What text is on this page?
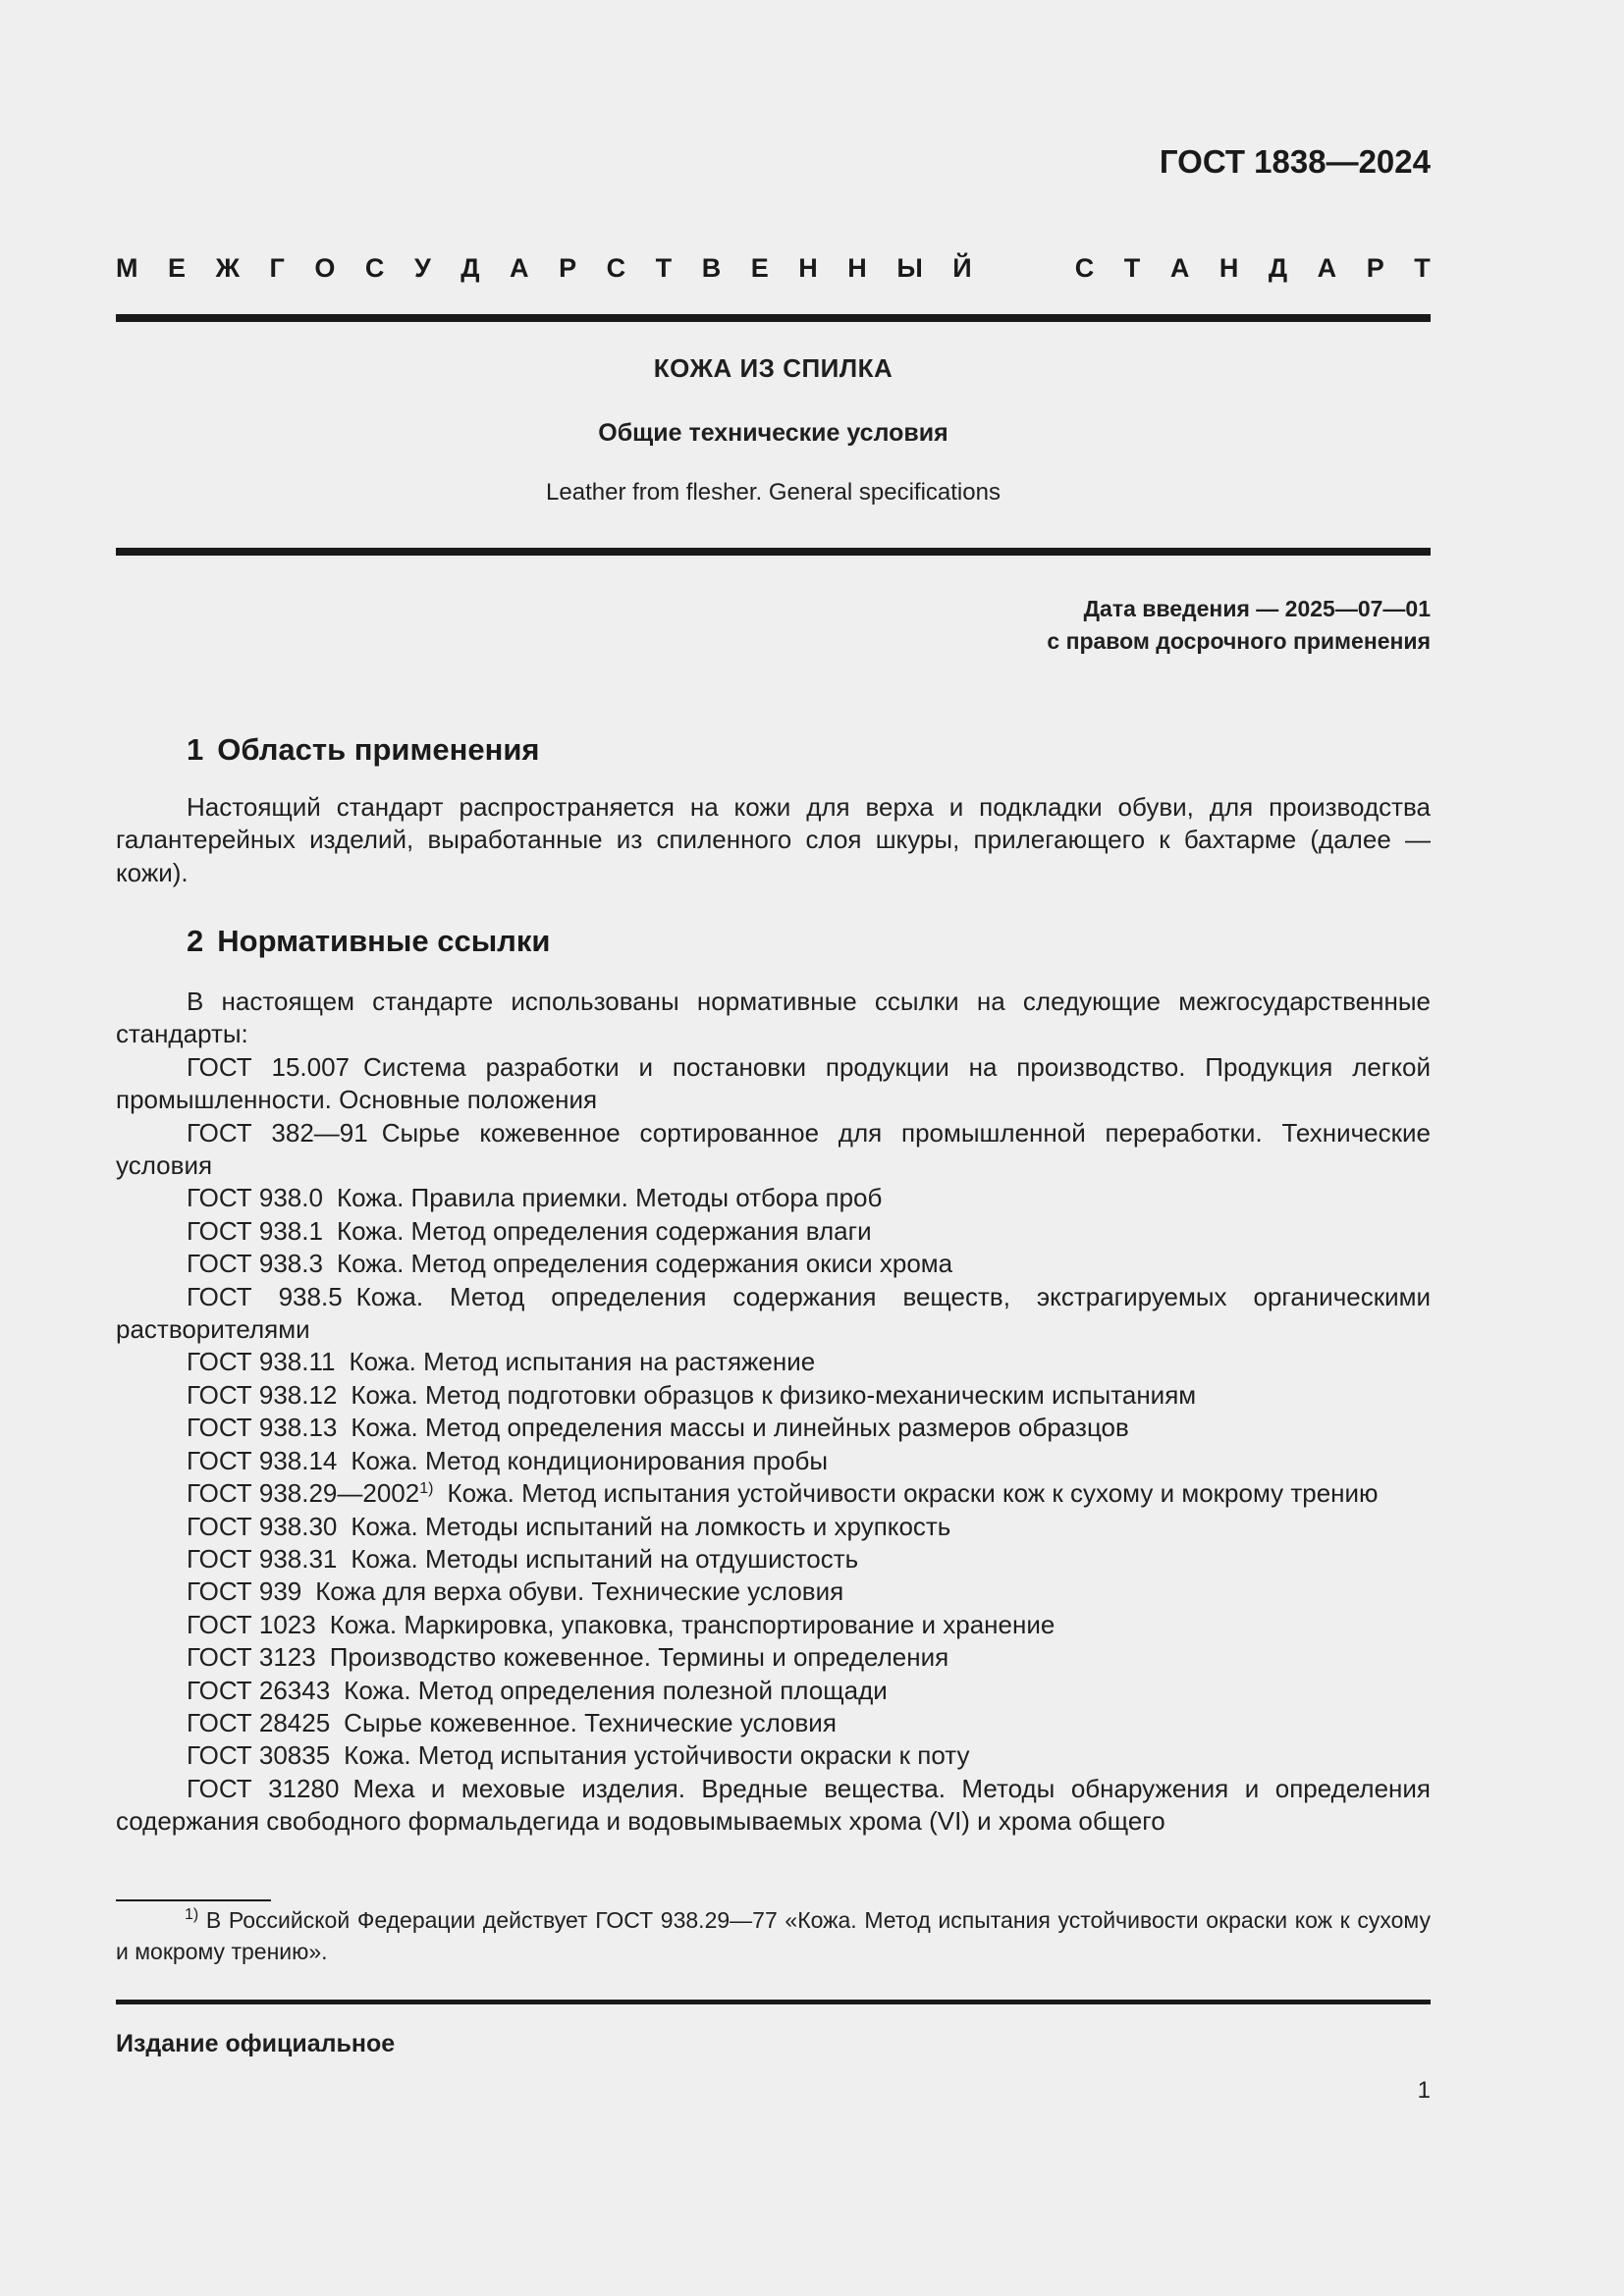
ГОСТ 1838—2024
М Е Ж Г О С У Д А Р С Т В Е Н Н Ы Й	С Т А Н Д А Р Т
КОЖА ИЗ СПИЛКА
Общие технические условия
Leather from flesher. General specifications
Дата введения — 2025—07—01
с правом досрочного применения
1 Область применения

Настоящий стандарт распространяется на кожи для верха и подкладки обуви, для производства галантерейных изделий, выработанные из спиленного слоя шкуры, прилегающего к бахтарме (далее — кожи).

2 Нормативные ссылки

В настоящем стандарте использованы нормативные ссылки на следующие межгосударственные стандарты:

ГОСТ 15.007 Система разработки и постановки продукции на производство. Продукция легкой промышленности. Основные положения

ГОСТ 382—91 Сырье кожевенное сортированное для промышленной переработки. Технические условия

ГОСТ 938.0 Кожа. Правила приемки. Методы отбора проб

ГОСТ 938.1 Кожа. Метод определения содержания влаги

ГОСТ 938.3 Кожа. Метод определения содержания окиси хрома

ГОСТ 938.5 Кожа. Метод определения содержания веществ, экстрагируемых органическими растворителями

ГОСТ 938.11 Кожа. Метод испытания на растяжение

ГОСТ 938.12 Кожа. Метод подготовки образцов к физико-механическим испытаниям

ГОСТ 938.13 Кожа. Метод определения массы и линейных размеров образцов

ГОСТ 938.14 Кожа. Метод кондиционирования пробы

ГОСТ 938.29—2002$^{1)}$ Кожа. Метод испытания устойчивости окраски кож к сухому и мокрому трению

ГОСТ 938.30 Кожа. Методы испытаний на ломкость и хрупкость

ГОСТ 938.31 Кожа. Методы испытаний на отдушистость

ГОСТ 939 Кожа для верха обуви. Технические условия

ГОСТ 1023 Кожа. Маркировка, упаковка, транспортирование и хранение

ГОСТ 3123 Производство кожевенное. Термины и определения

ГОСТ 26343 Кожа. Метод определения полезной площади

ГОСТ 28425 Сырье кожевенное. Технические условия

ГОСТ 30835 Кожа. Метод испытания устойчивости окраски к поту

ГОСТ 31280 Меха и меховые изделия. Вредные вещества. Методы обнаружения и определения содержания свободного формальдегида и водовымываемых хрома (VI) и хрома общего

$^{1)}$ В Российской Федерации действует ГОСТ 938.29—77 «Кожа. Метод испытания устойчивости окраски кож к сухому и мокрому трению».

Издание официальное
1
